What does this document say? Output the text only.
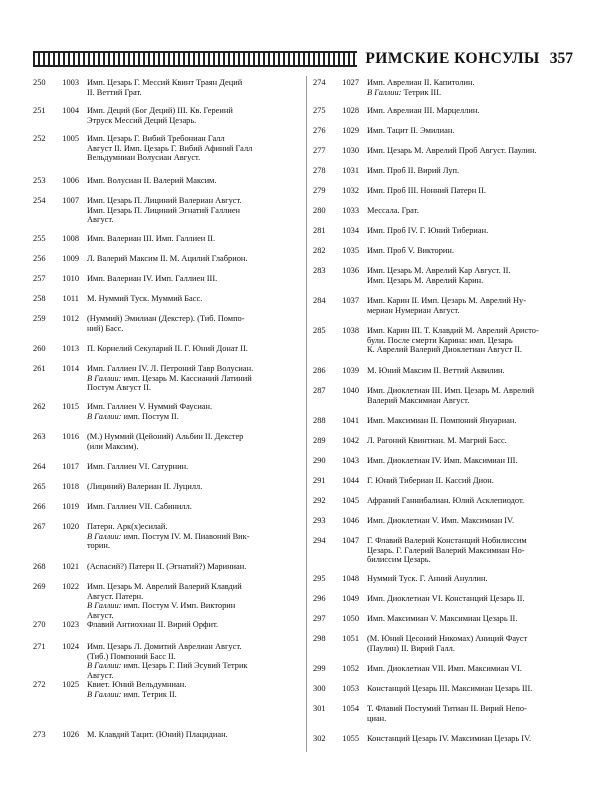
РИМСКИЕ КОНСУЛЫ 357
250	1003 Имп. Цезарь Г. Мессий Квинт Траян Деций
II. Веттий Грат.
251	1004 Имп. Деций (Бог Деций) III. Кв. Гереинй
Этруск Мессий Деций Цезарь.
252	1005 Имп. Цезарь Г. Вибий Требониан Галл
Август II. Имп. Цезарь Г. Вибий Афиний Галл
Вельдумниан Волусиан Август.
253	1006 Имп. Волусиан II. Валерий Максим.
254	1007 Имп. Цезарь П. Лициний Валериан Август.
Имп. Цезарь П. Лициний Эгнатий Галлиен
Август.
255	1008 Имп. Валериан III. Имп. Галлиен II.
256	1009 Л. Валерий Максим II. М. Ацилий Глабрион.
257	1010 Имп. Валериан IV. Имп. Галлиен III.
258	1011 М. Нуммий Туск. Муммий Басс.
259	1012 (Нуммий) Эмилиан (Декстер). (Тиб. Помпо-
ний) Басс.
260	1013 П. Корнелий Секуларий II. Г. Юний Донат II.
261	1014 Имп. Галлиен IV. Л. Петроний Тавр Волусиан.
В Галлии: имп. Цезарь М. Кассианий Латиний
Постум Август II.
262	1015 Имп. Галлиен V. Нуммий Фаусиан.
В Галлии: имп. Постум II.
263	1016 (М.) Нуммий (Цейоний) Альбин II. Декстер
(или Максим).
264	1017 Имп. Галлиен VI. Сатурнин.
265	1018 (Лициний) Валериан II. Луцилл.
266	1019 Имп. Галлиен VII. Сабинилл.
267	1020 Патерн. Арк(х)есилай.
В Галлии: имп. Постум IV. М. Пиавоний Вик-
торин.
268	1021 (Аспасий?) Патерн II. (Эгнатий?) Мариниан.
269	1022 Имп. Цезарь М. Аврелий Валерий Клавдий
Август. Патерн.
В Галлии: имп. Постум V. Имп. Викторин
Август.
270	1023 Флавий Антиохиан II. Вирий Орфит.
271	1024 Имп. Цезарь Л. Домитий Аврелиан Август.
(Тиб.) Помпоний Басс II.
В Галлии: имп. Цезарь Г. Пий Эсувий Тетрик
Август.
272	1025 Квиет. Юний Вельдумниан.
В Галлии: имп. Тетрик II.
273	1026 М. Клавдий Тацит. (Юний) Плацидиан.
274	1027 Имп. Аврелиан II. Капитолин.
В Галлии: Тетрик III.
275	1028 Имп. Аврелиан III. Марцеллин.
276	1029 Имп. Тацит II. Эмилиан.
277	1030 Имп. Цезарь М. Аврелий Проб Август. Паулин.
278	1031 Имп. Проб II. Вирий Луп.
279	1032 Имп. Проб III. Нонний Патерн II.
280	1033 Мессала. Грат.
281	1034 Имп. Проб IV. Г. Юний Тибериан.
282	1035 Имп. Проб V. Викторин.
283	1036 Имп. Цезарь М. Аврелий Кар Август. II.
Имп. Цезарь М. Аврелий Карин.
284	1037 Имп. Карин II. Имп. Цезарь М. Аврелий Ну-
мериан Нумериан Август.
285	1038 Имп. Карин III. Т. Клавдий М. Аврелий Аристо-
були. После смерти Карина: имп. Цезарь
К. Аврелий Валерий Диоклетиан Август II.
286	1039 М. Юний Максим II. Веттий Аквилин.
287	1040 Имп. Диоклетиан III. Имп. Цезарь М. Аврелий
Валерий Максимиан Август.
288	1041 Имп. Максимиан II. Помпоний Януариан.
289	1042 Л. Рагоний Квинтиан. М. Магрий Басс.
290	1043 Имп. Диоклетиан IV. Имп. Максимиан III.
291	1044 Г. Юний Тибериан II. Кассий Дион.
292	1045 Афраний Ганнибалиан. Юлий Асклепиодот.
293	1046 Имп. Диоклетиан V. Имп. Максимиан IV.
294	1047 Г. Флавий Валерий Констанций Нобилиссим
Цезарь. Г. Галерий Валерий Максимиан Но-
билиссим Цезарь.
295	1048 Нуммий Туск. Г. Анний Ануллин.
296	1049 Имп. Диоклетиан VI. Констанций Цезарь II.
297	1050 Имп. Максимиан V. Максимиан Цезарь II.
298	1051 (М. Юний Цесоний Никомах) Аниций Фауст
(Паулин) II. Вирий Галл.
299	1052 Имп. Диоклетиан VII. Имп. Максимиан VI.
300	1053 Констанций Цезарь III. Максимиан Цезарь III.
301	1054 Т. Флавий Постумий Титиан II. Вирий Непо-
циан.
302	1055 Констанций Цезарь IV. Максимиан Цезарь IV.
